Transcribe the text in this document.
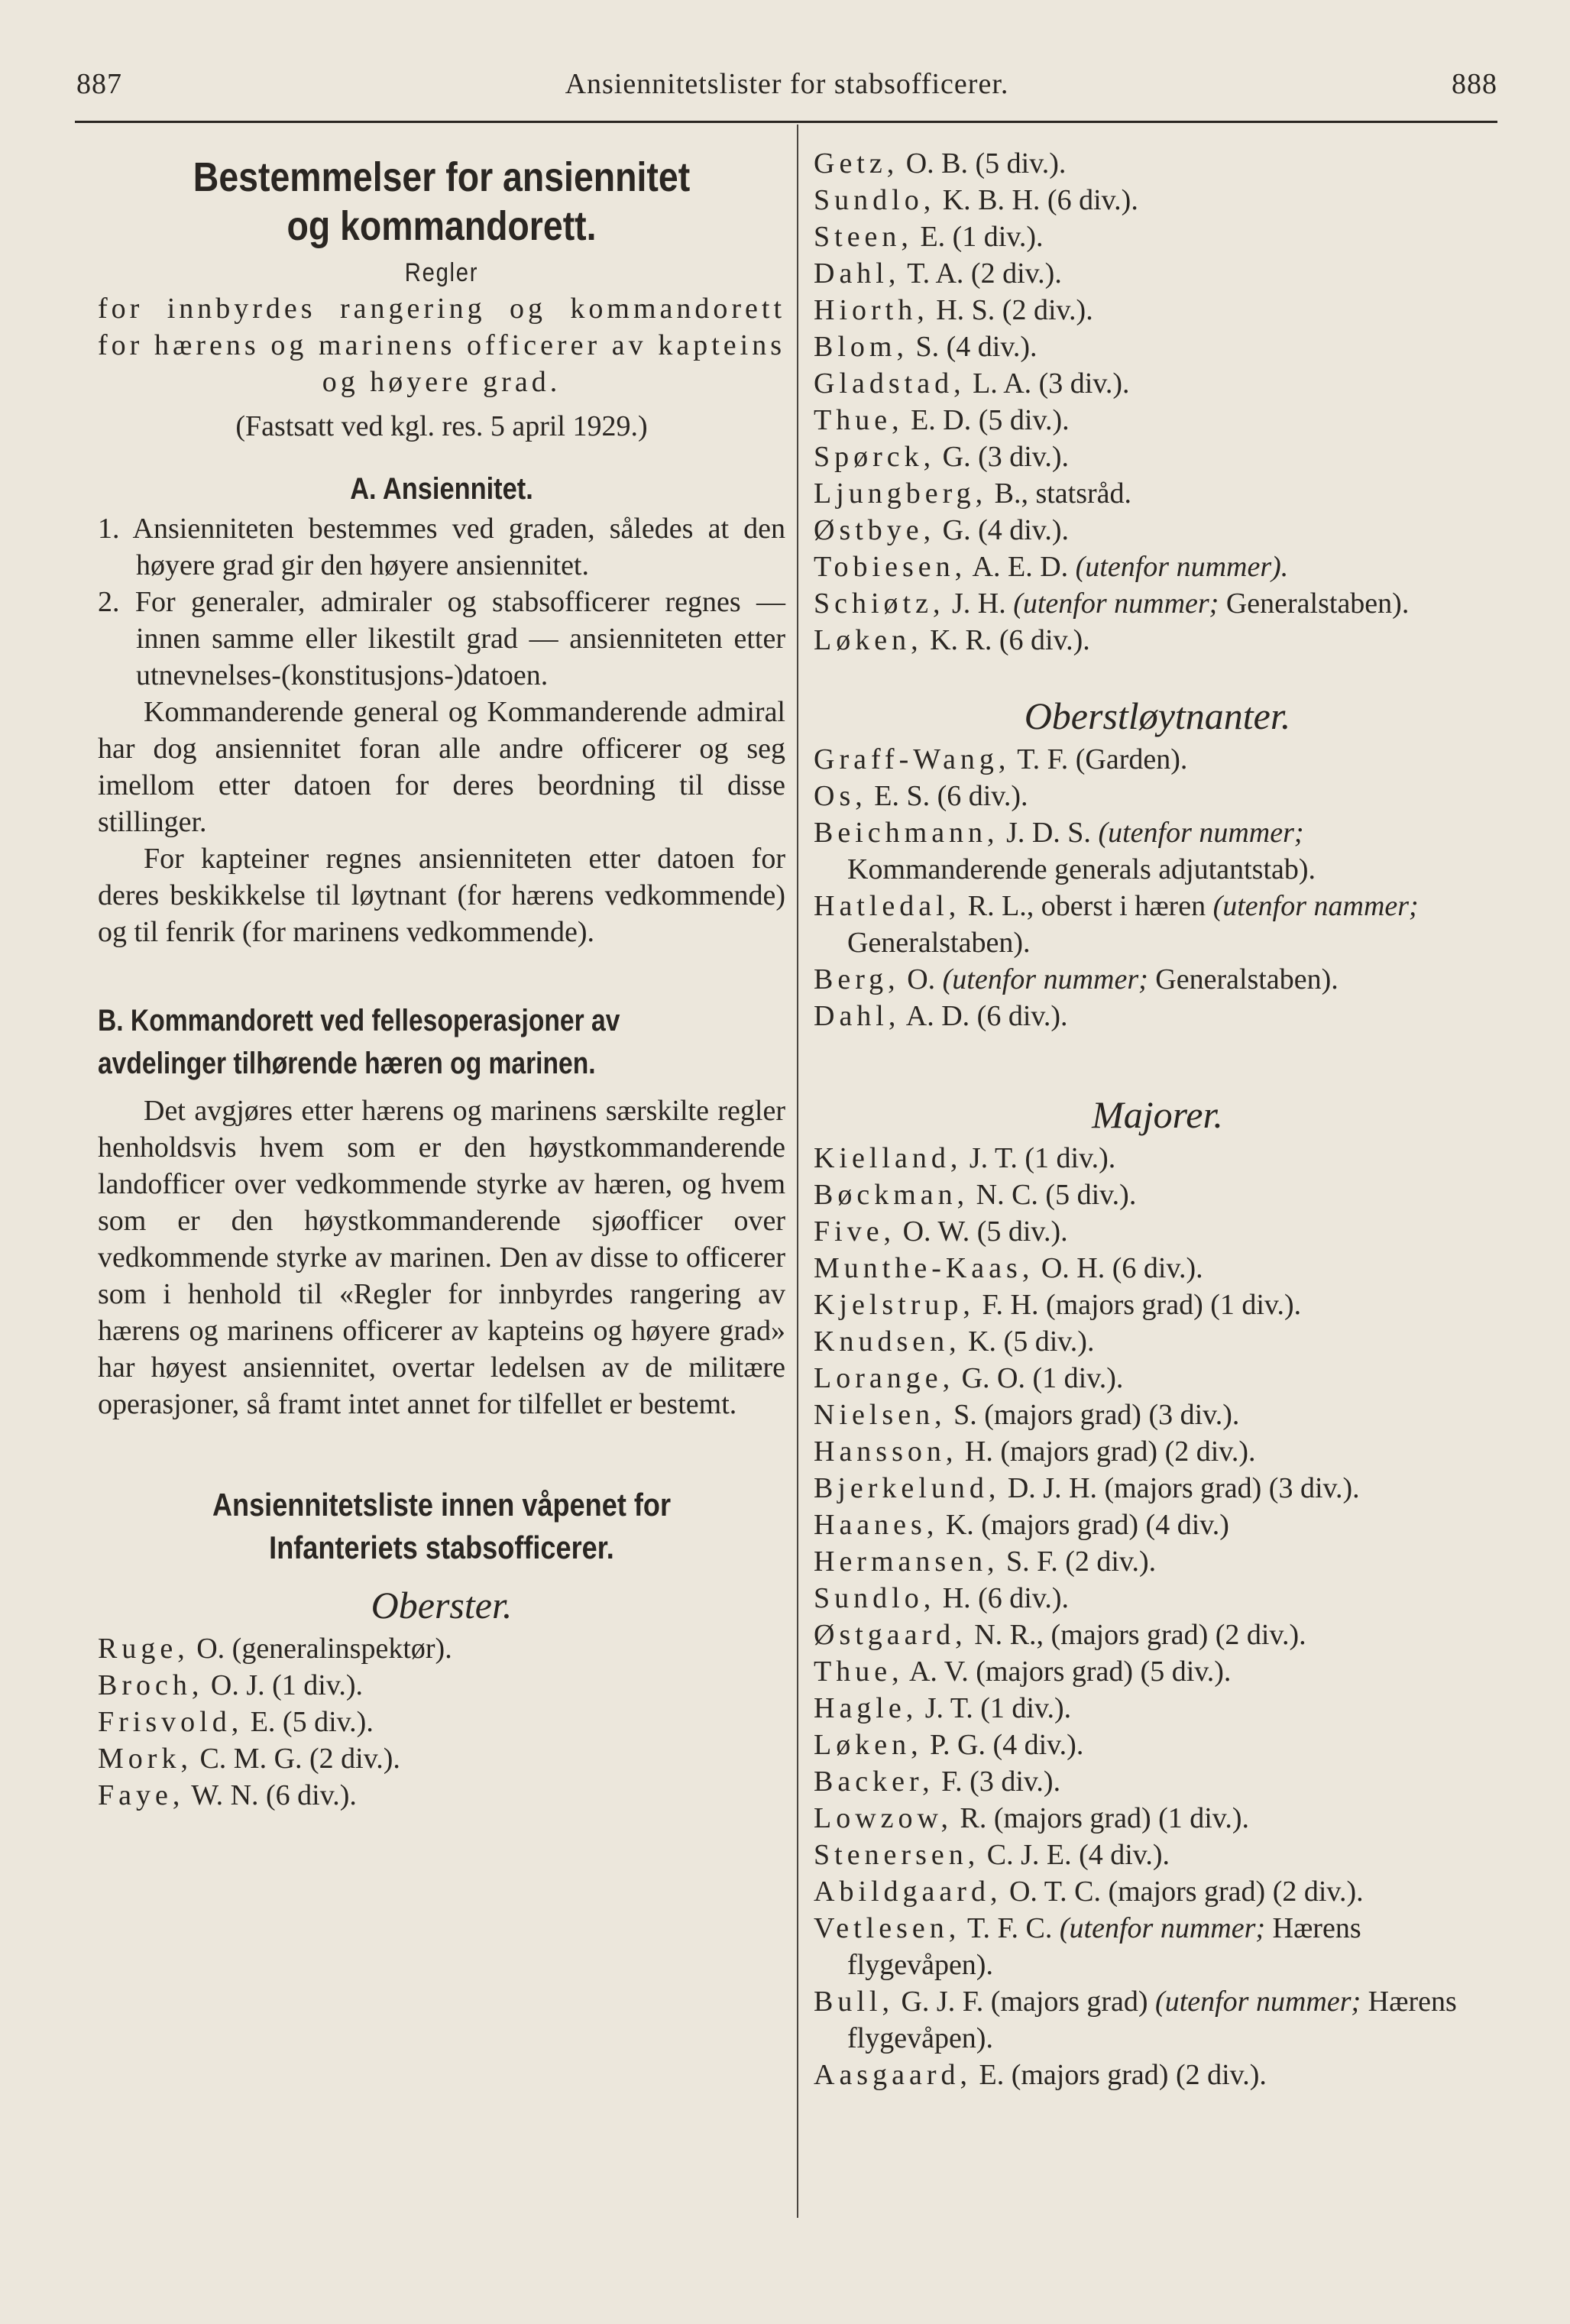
887	Ansiennitetslister for stabsofficerer.	888
Bestemmelser for ansiennitet
og kommandorett.
Regler

for innbyrdes rangering og kommandorett for hærens og marinens officerer av kapteins og høyere grad.

(Fastsatt ved kgl. res. 5 april 1929.)

A. Ansiennitet.

1. Ansienniteten bestemmes ved graden, således at den høyere grad gir den høyere ansiennitet.

2. For generaler, admiraler og stabsofficerer regnes — innen samme eller likestilt grad — ansienniteten etter utnevnelses-(konstitusjons-)datoen.

Kommanderende general og Kommanderende admiral har dog ansiennitet foran alle andre officerer og seg imellom etter datoen for deres beordning til disse stillinger.

For kapteiner regnes ansienniteten etter datoen for deres beskikkelse til løytnant (for hærens vedkommende) og til fenrik (for marinens vedkommende).

B. Kommandorett ved fellesoperasjoner av
avdelinger tilhørende hæren og marinen.

Det avgjøres etter hærens og marinens særskilte regler henholdsvis hvem som er den høystkommanderende landofficer over vedkommende styrke av hæren, og hvem som er den høystkommanderende sjøofficer over vedkommende styrke av marinen. Den av disse to officerer som i henhold til «Regler for innbyrdes rangering av hærens og marinens officerer av kapteins og høyere grad» har høyest ansiennitet, overtar ledelsen av de militære operasjoner, så framt intet annet for tilfellet er bestemt.

Ansiennitetsliste innen våpenet for
Infanteriets stabsofficerer.
Oberster.

Ruge, O. (generalinspektør).

Broch, O. J. (1 div.).

Frisvold, E. (5 div.).

Mork, C. M. G. (2 div.).

Faye, W. N. (6 div.).

Getz, O. B. (5 div.).

Sundlo, K. B. H. (6 div.).

Steen, E. (1 div.).

Dahl, T. A. (2 div.).

Hiorth, H. S. (2 div.).

Blom, S. (4 div.).

Gladstad, L. A. (3 div.).

Thue, E. D. (5 div.).

Spørck, G. (3 div.).

Ljungberg, B., statsråd.

Østbye, G. (4 div.).

Tobiesen, A. E. D. (utenfor nummer).

Schiøtz, J. H. (utenfor nummer; Generalstaben).

Løken, K. R. (6 div.).

Oberstløytnanter.

Graff-Wang, T. F. (Garden).

Os, E. S. (6 div.).

Beichmann, J. D. S. (utenfor nummer; Kommanderende generals adjutantstab).

Hatledal, R. L., oberst i hæren (utenfor nammer; Generalstaben).

Berg, O. (utenfor nummer; Generalstaben).

Dahl, A. D. (6 div.).

Majorer.

Kielland, J. T. (1 div.).

Bøckman, N. C. (5 div.).

Five, O. W. (5 div.).

Munthe-Kaas, O. H. (6 div.).

Kjelstrup, F. H. (majors grad) (1 div.).

Knudsen, K. (5 div.).

Lorange, G. O. (1 div.).

Nielsen, S. (majors grad) (3 div.).

Hansson, H. (majors grad) (2 div.).

Bjerkelund, D. J. H. (majors grad) (3 div.).

Haanes, K. (majors grad) (4 div.)

Hermansen, S. F. (2 div.).

Sundlo, H. (6 div.).

Østgaard, N. R., (majors grad) (2 div.).

Thue, A. V. (majors grad) (5 div.).

Hagle, J. T. (1 div.).

Løken, P. G. (4 div.).

Backer, F. (3 div.).

Lowzow, R. (majors grad) (1 div.).

Stenersen, C. J. E. (4 div.).

Abildgaard, O. T. C. (majors grad) (2 div.).

Vetlesen, T. F. C. (utenfor nummer; Hærens flygevåpen).

Bull, G. J. F. (majors grad) (utenfor nummer; Hærens flygevåpen).

Aasgaard, E. (majors grad) (2 div.).
